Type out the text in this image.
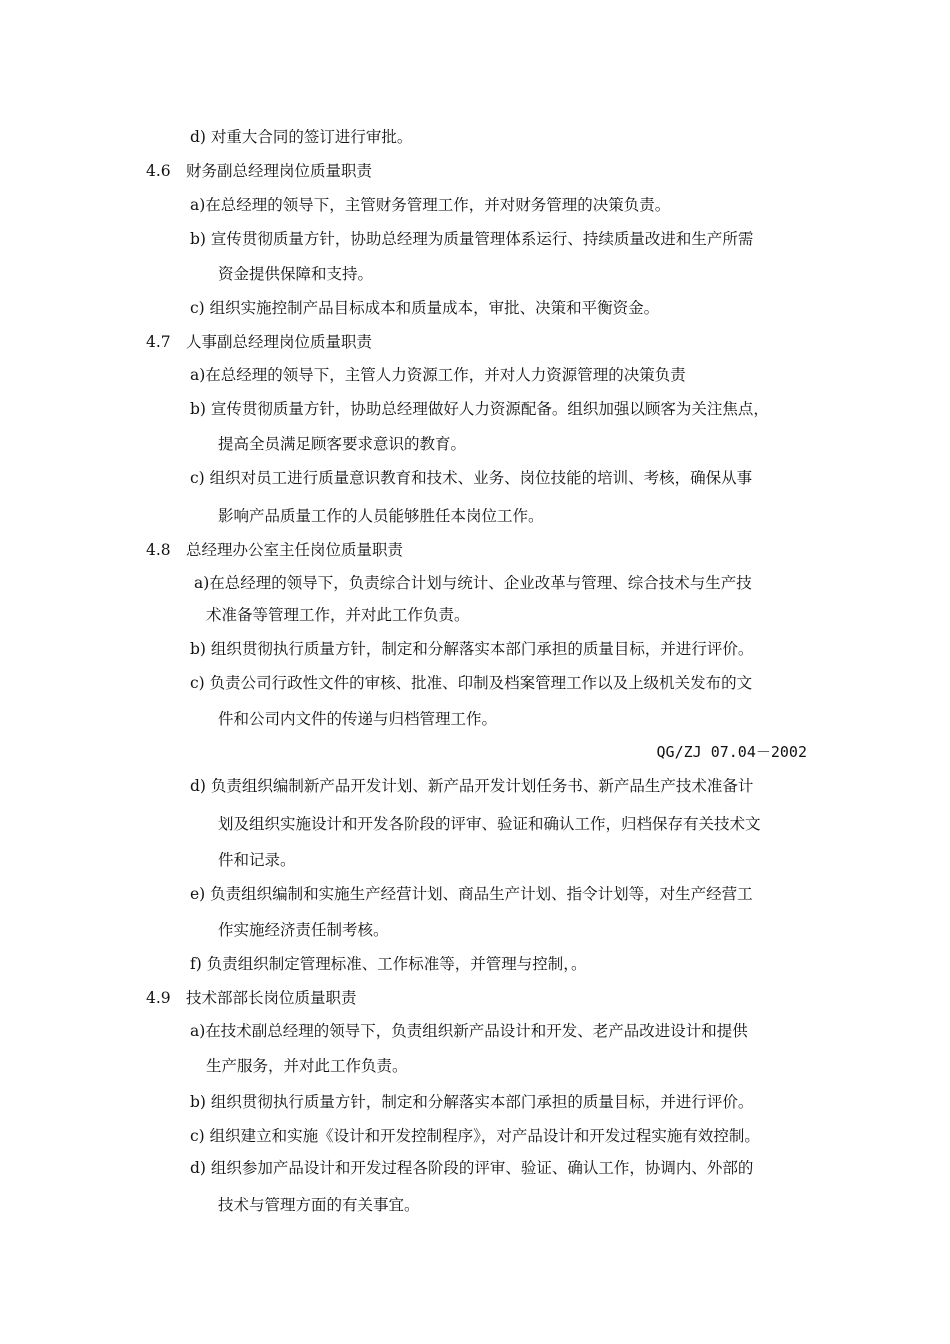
d) 对重大合同的签订进行审批。
4.6 财务副总经理岗位质量职责
a)在总经理的领导下，主管财务管理工作，并对财务管理的决策负责。
b) 宣传贯彻质量方针，协助总经理为质量管理体系运行、持续质量改进和生产所需
资金提供保障和支持。
c) 组织实施控制产品目标成本和质量成本，审批、决策和平衡资金。
4.7 人事副总经理岗位质量职责
a)在总经理的领导下，主管人力资源工作，并对人力资源管理的决策负责
b) 宣传贯彻质量方针，协助总经理做好人力资源配备。组织加强以顾客为关注焦点，
提高全员满足顾客要求意识的教育。
c) 组织对员工进行质量意识教育和技术、业务、岗位技能的培训、考核，确保从事
影响产品质量工作的人员能够胜任本岗位工作。
4.8 总经理办公室主任岗位质量职责
a)在总经理的领导下，负责综合计划与统计、企业改革与管理、综合技术与生产技
术准备等管理工作，并对此工作负责。
b) 组织贯彻执行质量方针，制定和分解落实本部门承担的质量目标，并进行评价。
c) 负责公司行政性文件的审核、批准、印制及档案管理工作以及上级机关发布的文
件和公司内文件的传递与归档管理工作。
QG/ZJ 07.04－2002
d) 负责组织编制新产品开发计划、新产品开发计划任务书、新产品生产技术准备计
划及组织实施设计和开发各阶段的评审、验证和确认工作，归档保存有关技术文
件和记录。
e) 负责组织编制和实施生产经营计划、商品生产计划、指令计划等，对生产经营工
作实施经济责任制考核。
f) 负责组织制定管理标准、工作标准等，并管理与控制，。
4.9 技术部部长岗位质量职责
a)在技术副总经理的领导下，负责组织新产品设计和开发、老产品改进设计和提供
生产服务，并对此工作负责。
b) 组织贯彻执行质量方针，制定和分解落实本部门承担的质量目标，并进行评价。
c) 组织建立和实施《设计和开发控制程序》，对产品设计和开发过程实施有效控制。
d) 组织参加产品设计和开发过程各阶段的评审、验证、确认工作，协调内、外部的
技术与管理方面的有关事宜。
